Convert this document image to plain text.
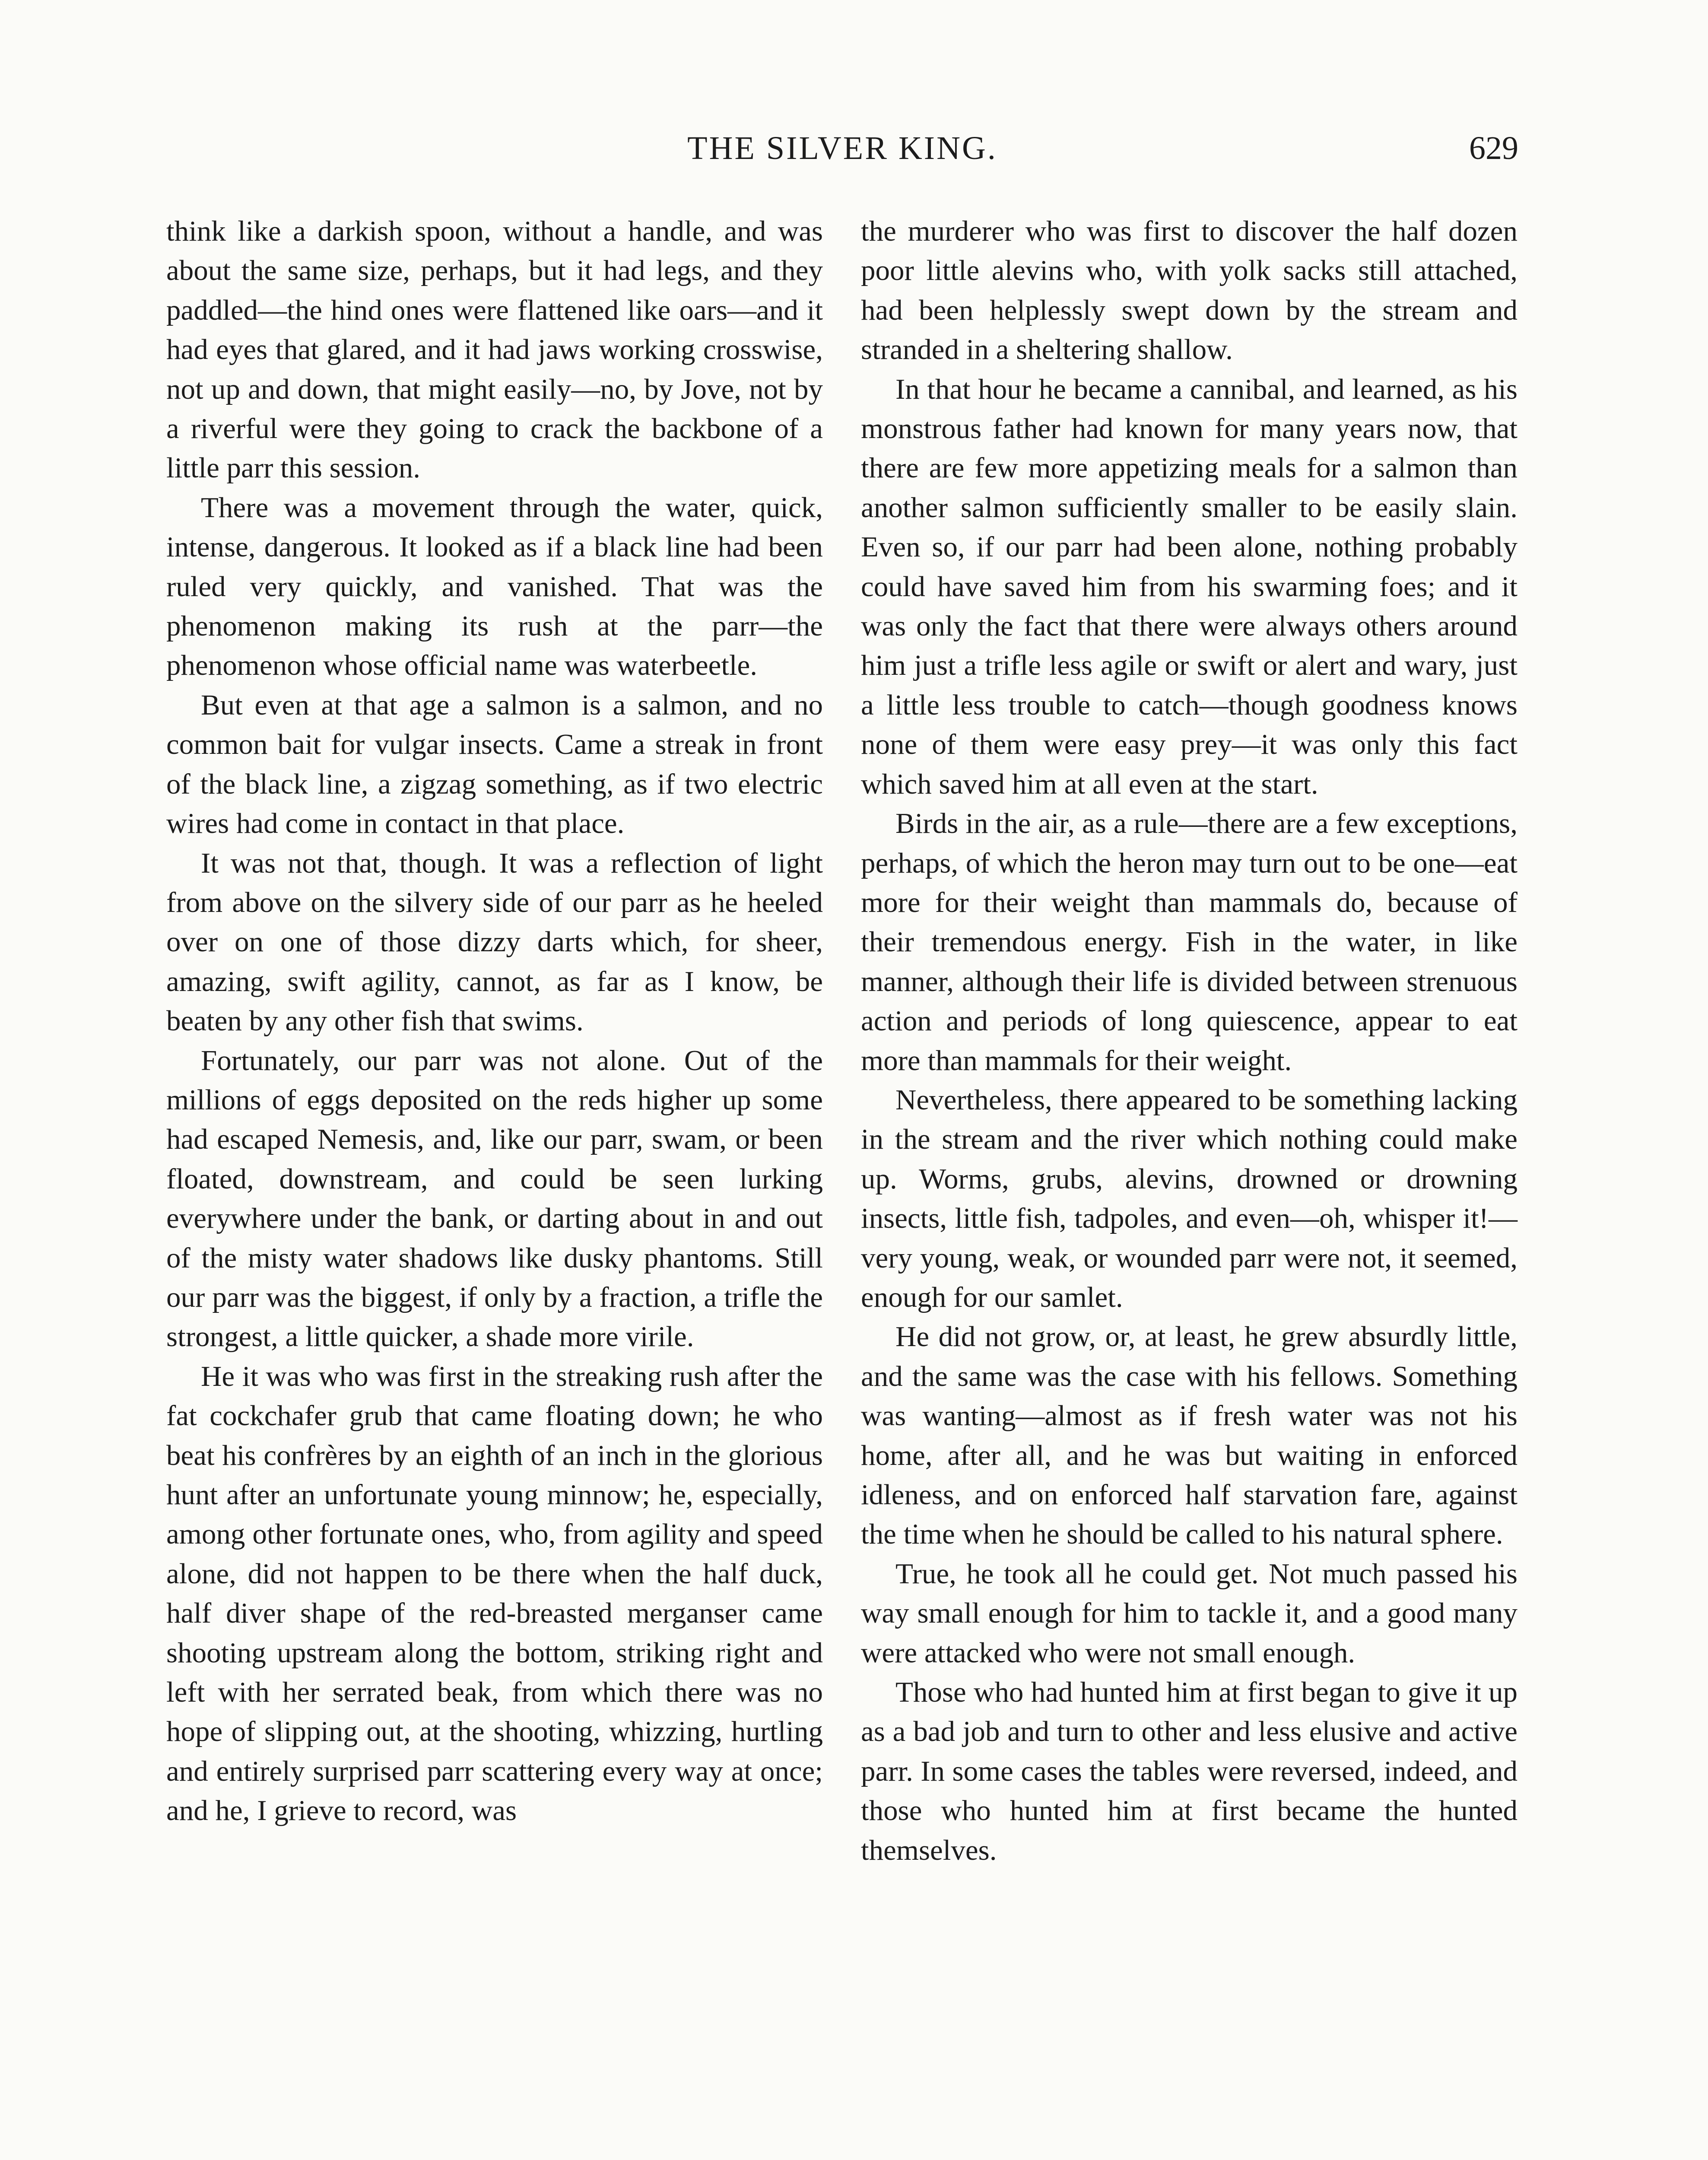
THE SILVER KING.	629

think like a darkish spoon, without a handle, and was about the same size, perhaps, but it had legs, and they paddled—the hind ones were flattened like oars—and it had eyes that glared, and it had jaws working crosswise, not up and down, that might easily—no, by Jove, not by a riverful were they going to crack the backbone of a little parr this session.

There was a movement through the water, quick, intense, dangerous. It looked as if a black line had been ruled very quickly, and vanished. That was the phenomenon making its rush at the parr—the phenomenon whose official name was waterbeetle.

But even at that age a salmon is a salmon, and no common bait for vulgar insects. Came a streak in front of the black line, a zigzag something, as if two electric wires had come in contact in that place.

It was not that, though. It was a reflection of light from above on the silvery side of our parr as he heeled over on one of those dizzy darts which, for sheer, amazing, swift agility, cannot, as far as I know, be beaten by any other fish that swims.

Fortunately, our parr was not alone. Out of the millions of eggs deposited on the reds higher up some had escaped Nemesis, and, like our parr, swam, or been floated, downstream, and could be seen lurking everywhere under the bank, or darting about in and out of the misty water shadows like dusky phantoms. Still our parr was the biggest, if only by a fraction, a trifle the strongest, a little quicker, a shade more virile.

He it was who was first in the streaking rush after the fat cockchafer grub that came floating down; he who beat his confrères by an eighth of an inch in the glorious hunt after an unfortunate young minnow; he, especially, among other fortunate ones, who, from agility and speed alone, did not happen to be there when the half duck, half diver shape of the red-breasted merganser came shooting upstream along the bottom, striking right and left with her serrated beak, from which there was no hope of slipping out, at the shooting, whizzing, hurtling and entirely surprised parr scattering every way at once; and he, I grieve to record, was

the murderer who was first to discover the half dozen poor little alevins who, with yolk sacks still attached, had been helplessly swept down by the stream and stranded in a sheltering shallow.

In that hour he became a cannibal, and learned, as his monstrous father had known for many years now, that there are few more appetizing meals for a salmon than another salmon sufficiently smaller to be easily slain. Even so, if our parr had been alone, nothing probably could have saved him from his swarming foes; and it was only the fact that there were always others around him just a trifle less agile or swift or alert and wary, just a little less trouble to catch—though goodness knows none of them were easy prey—it was only this fact which saved him at all even at the start.

Birds in the air, as a rule—there are a few exceptions, perhaps, of which the heron may turn out to be one—eat more for their weight than mammals do, because of their tremendous energy. Fish in the water, in like manner, although their life is divided between strenuous action and periods of long quiescence, appear to eat more than mammals for their weight.

Nevertheless, there appeared to be something lacking in the stream and the river which nothing could make up. Worms, grubs, alevins, drowned or drowning insects, little fish, tadpoles, and even—oh, whisper it!—very young, weak, or wounded parr were not, it seemed, enough for our samlet.

He did not grow, or, at least, he grew absurdly little, and the same was the case with his fellows. Something was wanting—almost as if fresh water was not his home, after all, and he was but waiting in enforced idleness, and on enforced half starvation fare, against the time when he should be called to his natural sphere.

True, he took all he could get. Not much passed his way small enough for him to tackle it, and a good many were attacked who were not small enough.

Those who had hunted him at first began to give it up as a bad job and turn to other and less elusive and active parr. In some cases the tables were reversed, indeed, and those who hunted him at first became the hunted themselves.
